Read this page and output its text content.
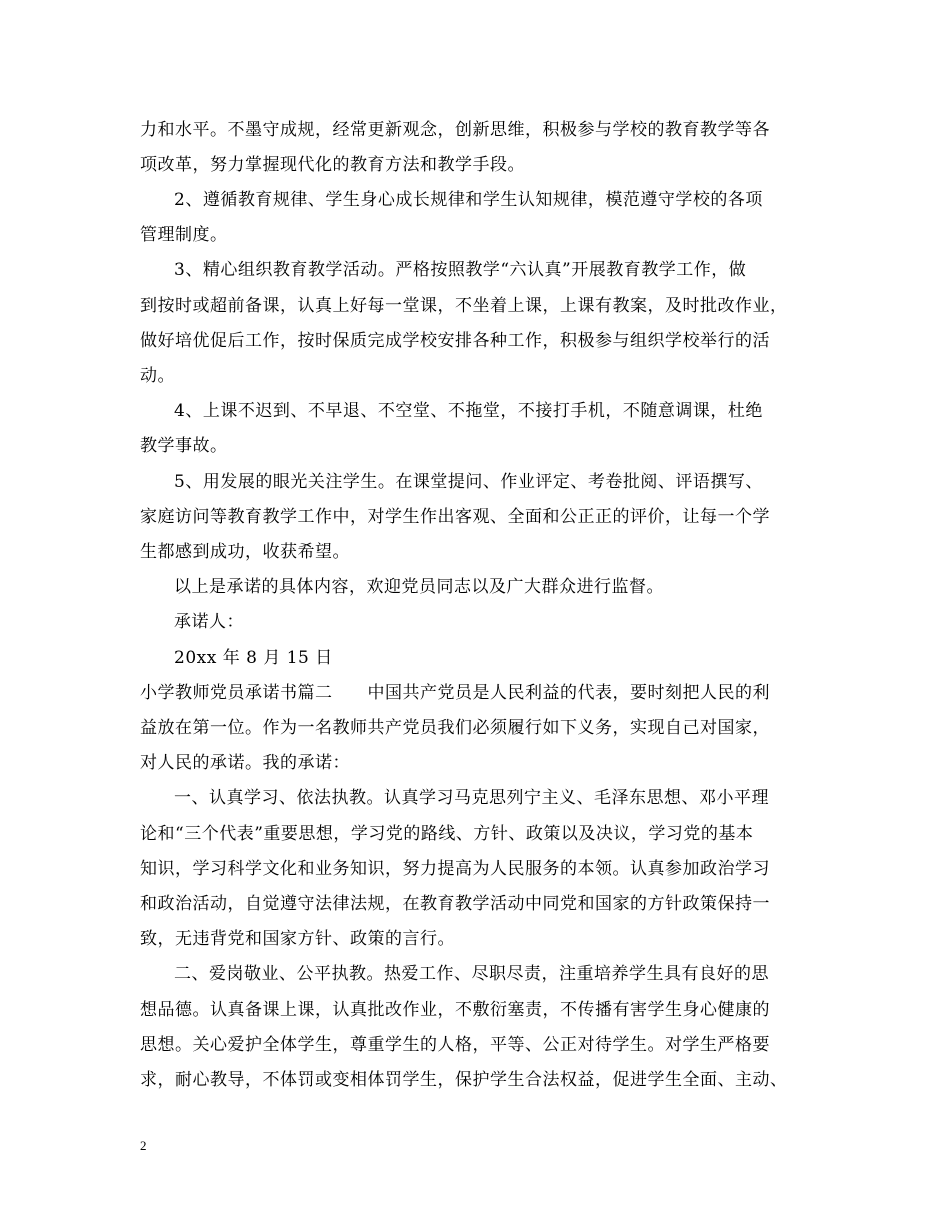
力和水平。不墨守成规，经常更新观念，创新思维，积极参与学校的教育教学等各
项改革，努力掌握现代化的教育方法和教学手段。
2、遵循教育规律、学生身心成长规律和学生认知规律，模范遵守学校的各项
管理制度。
3、精心组织教育教学活动。严格按照教学“六认真”开展教育教学工作，做
到按时或超前备课，认真上好每一堂课，不坐着上课，上课有教案，及时批改作业，
做好培优促后工作，按时保质完成学校安排各种工作，积极参与组织学校举行的活
动。
4、上课不迟到、不早退、不空堂、不拖堂，不接打手机，不随意调课，杜绝
教学事故。
5、用发展的眼光关注学生。在课堂提问、作业评定、考卷批阅、评语撰写、
家庭访问等教育教学工作中，对学生作出客观、全面和公正正的评价，让每一个学
生都感到成功，收获希望。
以上是承诺的具体内容，欢迎党员同志以及广大群众进行监督。
承诺人：
20xx 年 8 月 15 日
小学教师党员承诺书篇二　　中国共产党员是人民利益的代表，要时刻把人民的利
益放在第一位。作为一名教师共产党员我们必须履行如下义务，实现自己对国家，
对人民的承诺。我的承诺：
一、认真学习、依法执教。认真学习马克思列宁主义、毛泽东思想、邓小平理
论和“三个代表”重要思想，学习党的路线、方针、政策以及决议，学习党的基本
知识，学习科学文化和业务知识，努力提高为人民服务的本领。认真参加政治学习
和政治活动，自觉遵守法律法规，在教育教学活动中同党和国家的方针政策保持一
致，无违背党和国家方针、政策的言行。
二、爱岗敬业、公平执教。热爱工作、尽职尽责，注重培养学生具有良好的思
想品德。认真备课上课，认真批改作业，不敷衍塞责，不传播有害学生身心健康的
思想。关心爱护全体学生，尊重学生的人格，平等、公正对待学生。对学生严格要
求，耐心教导，不体罚或变相体罚学生，保护学生合法权益，促进学生全面、主动、
2
